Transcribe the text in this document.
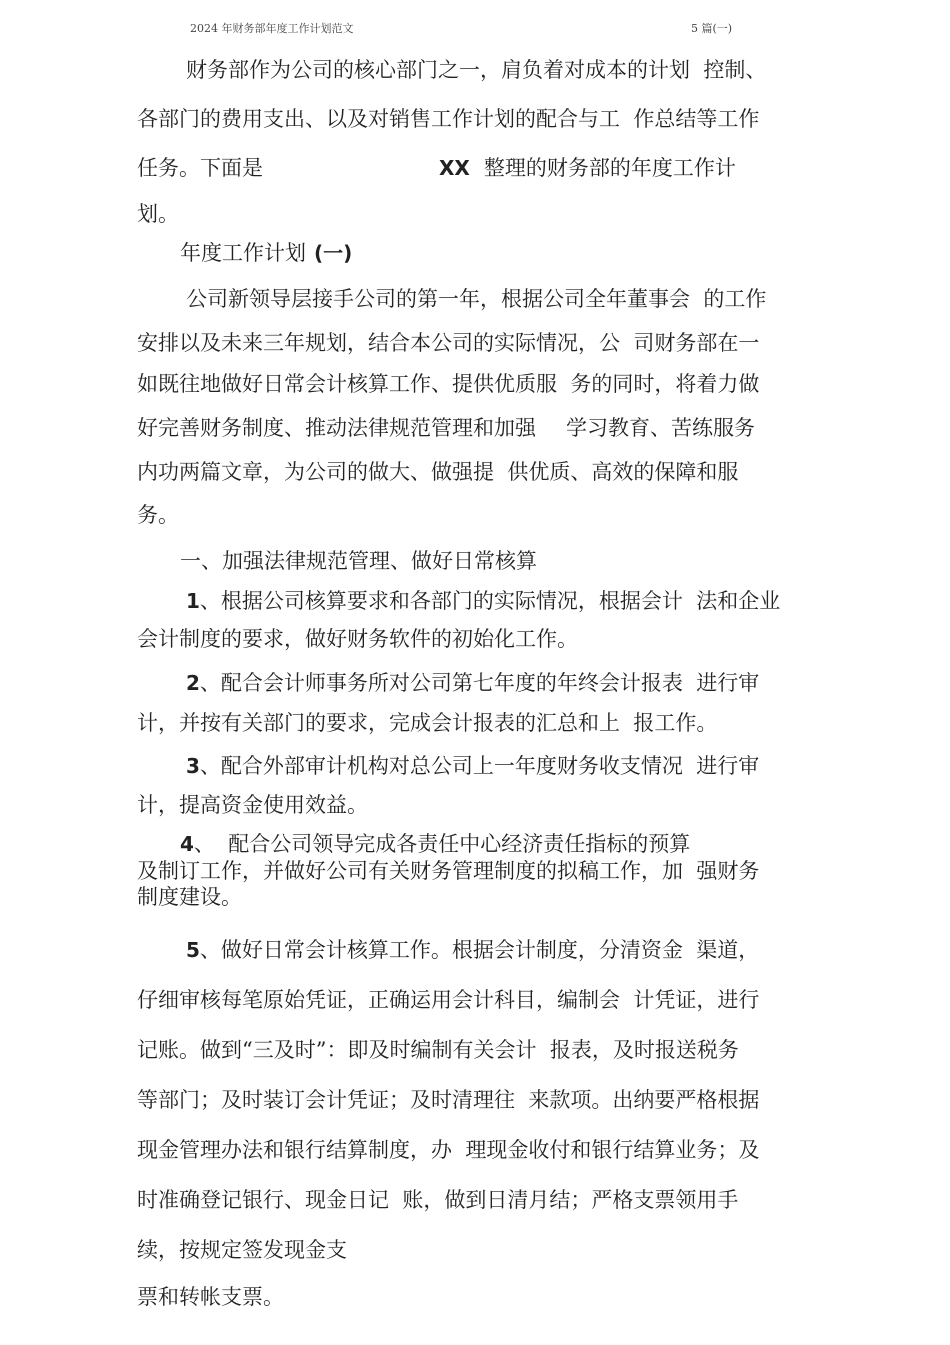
2024 年财务部年度工作计划范文	5 篇(一)
财务部作为公司的核心部门之一，肩负着对成本的计划  控制、
各部门的费用支出、以及对销售工作计划的配合与工  作总结等工作
任务。下面是	XX 整理的财务部的年度工作计
划。
年度工作计划 (一)
公司新领导层接手公司的第一年，根据公司全年董事会  的工作
安排以及未来三年规划，结合本公司的实际情况，公  司财务部在一
如既往地做好日常会计核算工作、提供优质服  务的同时，将着力做
好完善财务制度、推动法律规范管理和加强 学习教育、苦练服务
内功两篇文章，为公司的做大、做强提  供优质、高效的保障和服
务。
一、加强法律规范管理、做好日常核算
1、根据公司核算要求和各部门的实际情况，根据会计  法和企业
会计制度的要求，做好财务软件的初始化工作。
2、配合会计师事务所对公司第七年度的年终会计报表  进行审
计，并按有关部门的要求，完成会计报表的汇总和上  报工作。
3、配合外部审计机构对总公司上一年度财务收支情况  进行审
计，提高资金使用效益。
4、  配合公司领导完成各责任中心经济责任指标的预算
及制订工作，并做好公司有关财务管理制度的拟稿工作，加  强财务
制度建设。
5、做好日常会计核算工作。根据会计制度，分清资金  渠道，
仔细审核每笔原始凭证，正确运用会计科目，编制会  计凭证，进行
记账。做到“三及时”：即及时编制有关会计  报表，及时报送税务
等部门；及时装订会计凭证；及时清理往  来款项。出纳要严格根据
现金管理办法和银行结算制度，办  理现金收付和银行结算业务；及
时准确登记银行、现金日记  账，做到日清月结；严格支票领用手
续，按规定签发现金支
票和转帐支票。
